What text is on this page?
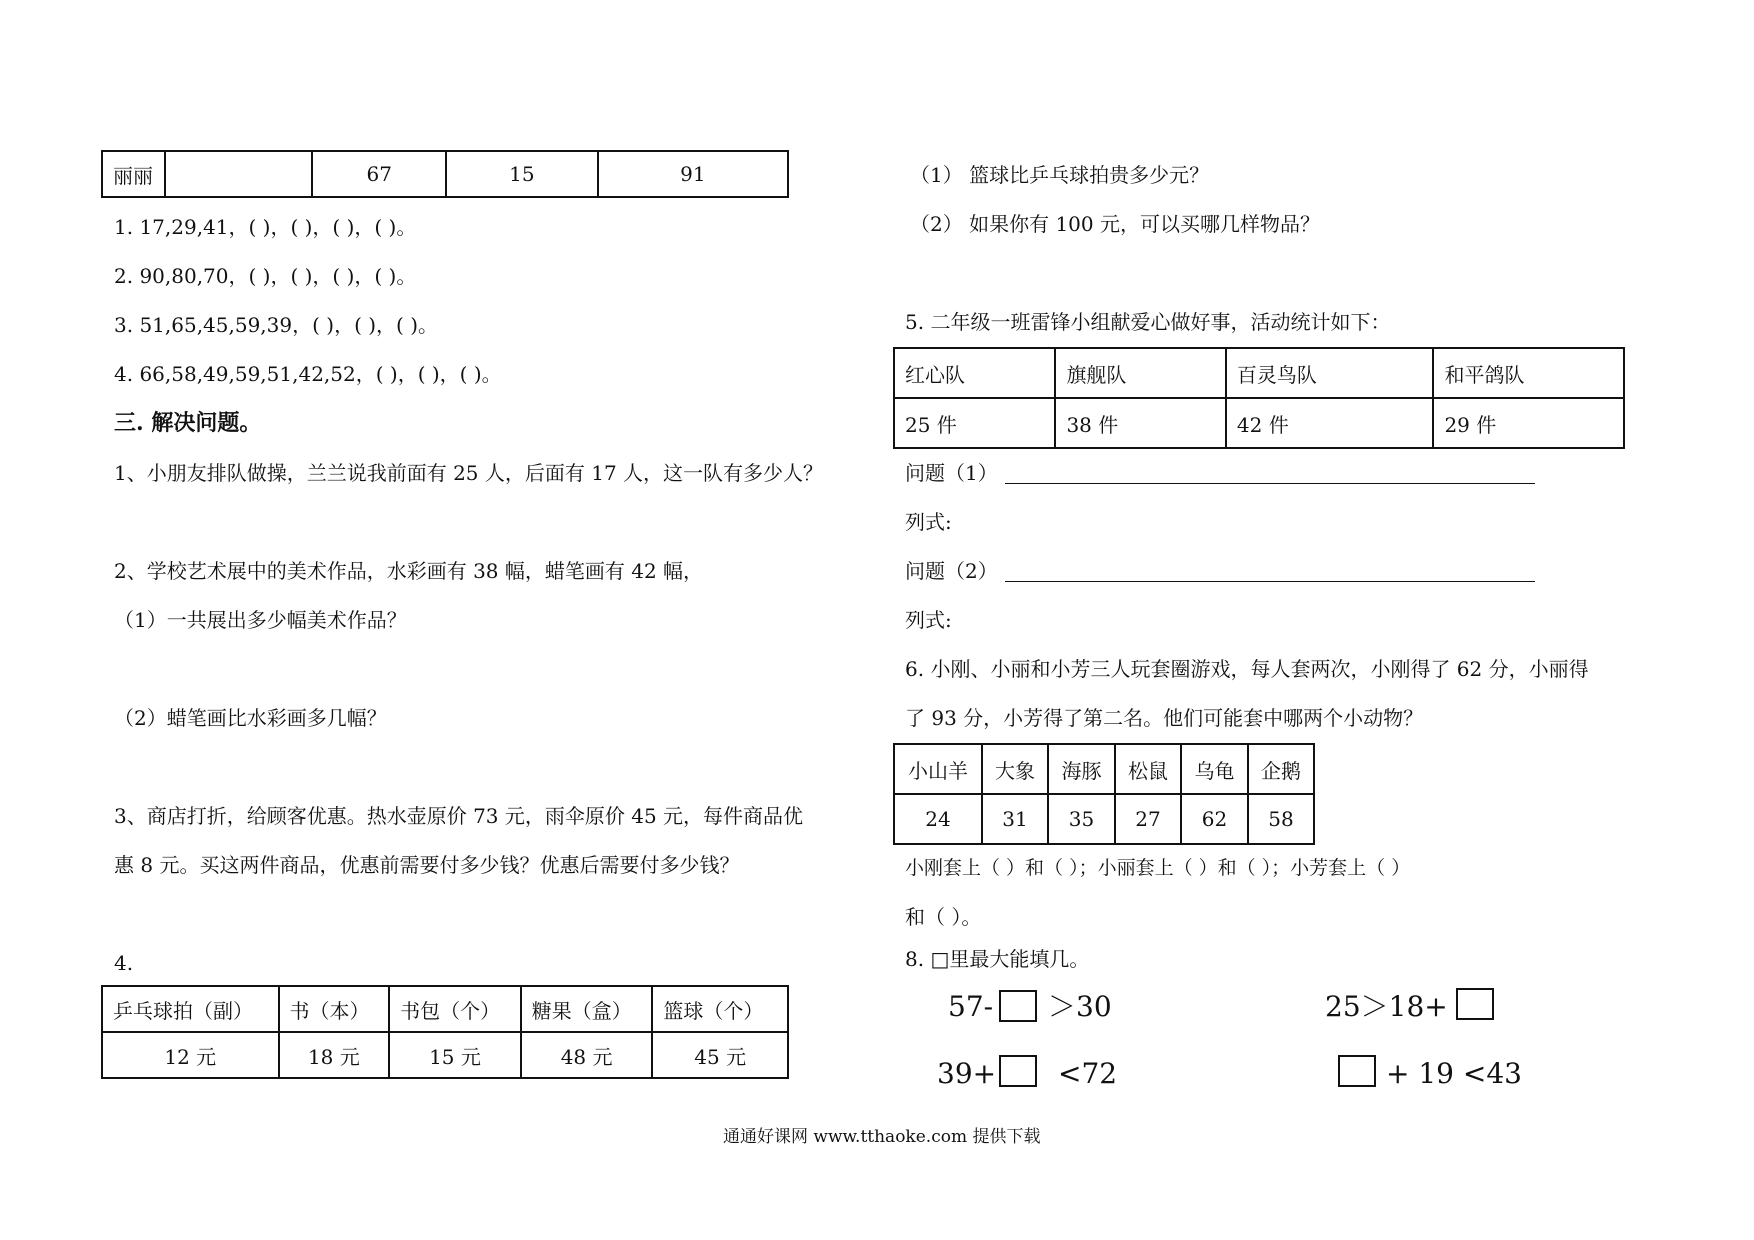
丽丽		67	15	91
1. 17,29,41，( )，( )，( )，( )。
2. 90,80,70，( )，( )，( )，( )。
3. 51,65,45,59,39，( )，( )，( )。
4. 66,58,49,59,51,42,52，( )，( )，( )。
三. 解决问题。
1、小朋友排队做操，兰兰说我前面有 25 人，后面有 17 人，这一队有多少人？
2、学校艺术展中的美术作品，水彩画有 38 幅，蜡笔画有 42 幅，
（1）一共展出多少幅美术作品？
（2）蜡笔画比水彩画多几幅？
3、商店打折，给顾客优惠。热水壶原价 73 元，雨伞原价 45 元，每件商品优
惠 8 元。买这两件商品，优惠前需要付多少钱？优惠后需要付多少钱？
4.
乒乓球拍（副）	书（本）	书包（个）	糖果（盒）	篮球（个）
12 元	18 元	15 元	48 元	45 元
（1） 篮球比乒乓球拍贵多少元？
（2） 如果你有 100 元，可以买哪几样物品？
5. 二年级一班雷锋小组献爱心做好事，活动统计如下：
红心队	旗舰队	百灵鸟队	和平鸽队
25 件	38 件	42 件	29 件
问题（1）
列式:
问题（2）
列式:
6. 小刚、小丽和小芳三人玩套圈游戏，每人套两次，小刚得了 62 分，小丽得
了 93 分，小芳得了第二名。他们可能套中哪两个小动物？
小山羊	大象	海豚	松鼠	乌龟	企鹅
24	31	35	27	62	58
小刚套上（ ）和（ ）；小丽套上（ ）和（ ）；小芳套上（ ）
和（ ）。
8. □里最大能填几。
57- ＞30	25＞18+
39+ <72	+ 19 <43
通通好课网 www.tthaoke.com 提供下载
